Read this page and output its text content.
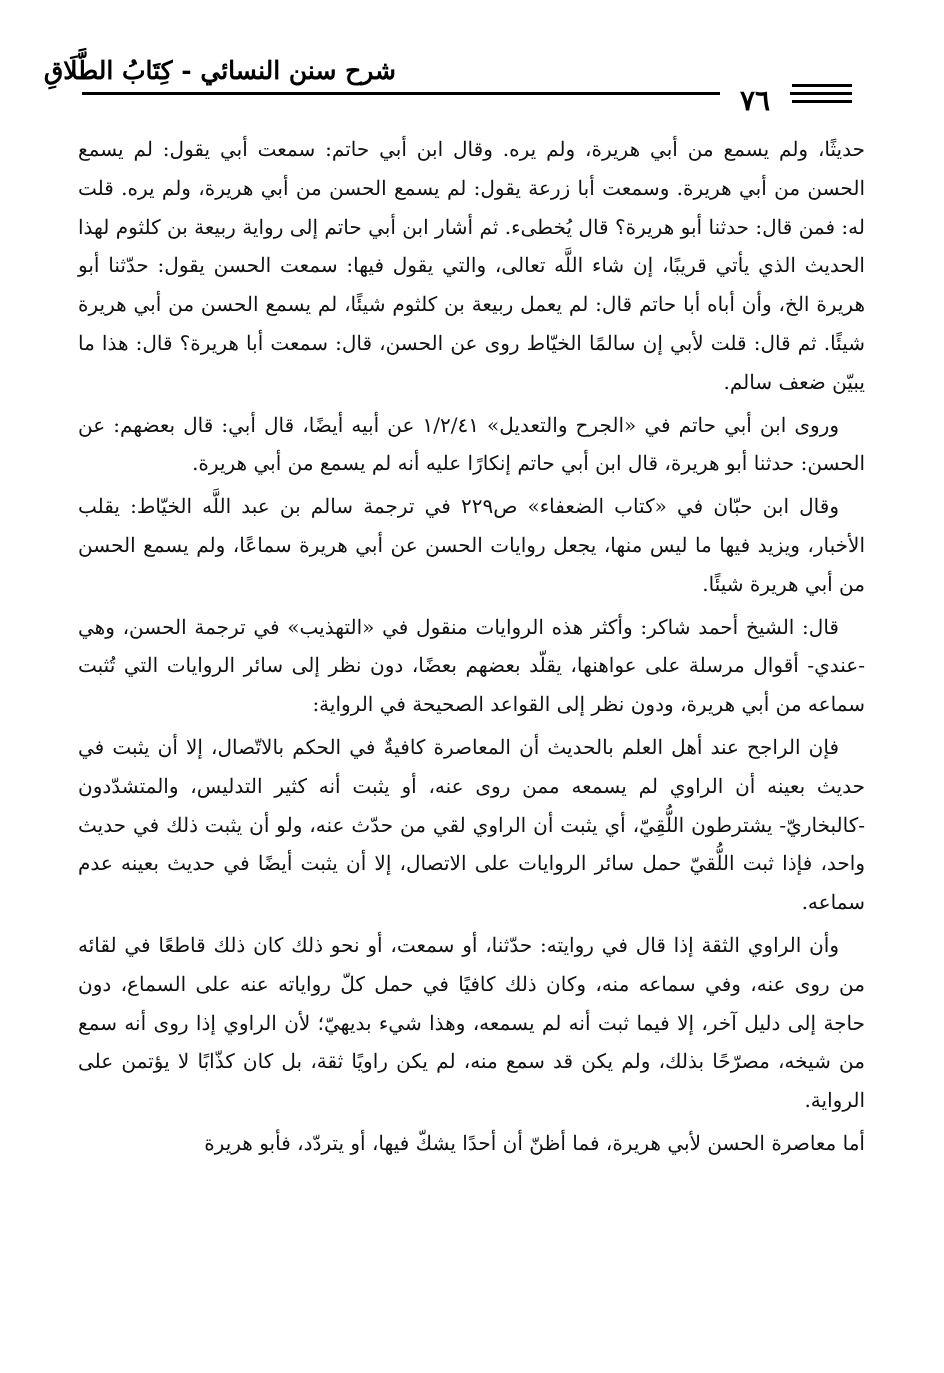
شرح سنن النسائي - كِتَابُ الطَّلَاقِ
٧٦

حديثًا، ولم يسمع من أبي هريرة، ولم يره. وقال ابن أبي حاتم: سمعت أبي يقول: لم يسمع الحسن من أبي هريرة. وسمعت أبا زرعة يقول: لم يسمع الحسن من أبي هريرة، ولم يره. قلت له: فمن قال: حدثنا أبو هريرة؟ قال يُخطىء. ثم أشار ابن أبي حاتم إلى رواية ربيعة بن كلثوم لهذا الحديث الذي يأتي قريبًا، إن شاء اللَّه تعالى، والتي يقول فيها: سمعت الحسن يقول: حدّثنا أبو هريرة الخ، وأن أباه أبا حاتم قال: لم يعمل ربيعة بن كلثوم شيئًا، لم يسمع الحسن من أبي هريرة شيئًا. ثم قال: قلت لأبي إن سالمًا الخيّاط روى عن الحسن، قال: سمعت أبا هريرة؟ قال: هذا ما يبيّن ضعف سالم.

وروى ابن أبي حاتم في «الجرح والتعديل» ١/٢/٤١ عن أبيه أيضًا، قال أبي: قال بعضهم: عن الحسن: حدثنا أبو هريرة، قال ابن أبي حاتم إنكارًا عليه أنه لم يسمع من أبي هريرة.

وقال ابن حبّان في «كتاب الضعفاء» ص٢٢٩ في ترجمة سالم بن عبد اللَّه الخيّاط: يقلب الأخبار، ويزيد فيها ما ليس منها، يجعل روايات الحسن عن أبي هريرة سماعًا، ولم يسمع الحسن من أبي هريرة شيئًا.

قال: الشيخ أحمد شاكر: وأكثر هذه الروايات منقول في «التهذيب» في ترجمة الحسن، وهي -عندي- أقوال مرسلة على عواهنها، يقلّد بعضهم بعضًا، دون نظر إلى سائر الروايات التي تُثبت سماعه من أبي هريرة، ودون نظر إلى القواعد الصحيحة في الرواية:

فإن الراجح عند أهل العلم بالحديث أن المعاصرة كافيةٌ في الحكم بالاتّصال، إلا أن يثبت في حديث بعينه أن الراوي لم يسمعه ممن روى عنه، أو يثبت أنه كثير التدليس، والمتشدّدون -كالبخاريّ- يشترطون اللُّقِيّ، أي يثبت أن الراوي لقي من حدّث عنه، ولو أن يثبت ذلك في حديث واحد، فإذا ثبت اللُّقيّ حمل سائر الروايات على الاتصال، إلا أن يثبت أيضًا في حديث بعينه عدم سماعه.

وأن الراوي الثقة إذا قال في روايته: حدّثنا، أو سمعت، أو نحو ذلك كان ذلك قاطعًا في لقائه من روى عنه، وفي سماعه منه، وكان ذلك كافيًا في حمل كلّ رواياته عنه على السماع، دون حاجة إلى دليل آخر، إلا فيما ثبت أنه لم يسمعه، وهذا شيء بديهيّ؛ لأن الراوي إذا روى أنه سمع من شيخه، مصرّحًا بذلك، ولم يكن قد سمع منه، لم يكن راويًا ثقة، بل كان كذّابًا لا يؤتمن على الرواية.

أما معاصرة الحسن لأبي هريرة، فما أظنّ أن أحدًا يشكّ فيها، أو يتردّد، فأبو هريرة
